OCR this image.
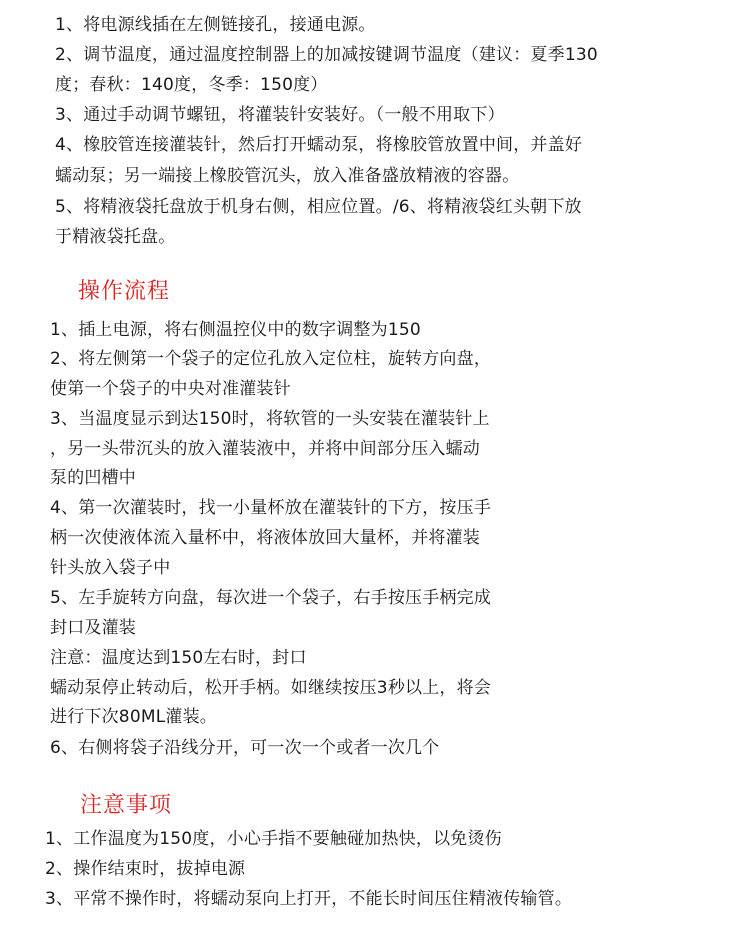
1、将电源线插在左侧链接孔，接通电源。
2、调节温度，通过温度控制器上的加减按键调节温度（建议：夏季130
度；春秋：140度，冬季：150度）
3、通过手动调节螺钮，将灌装针安装好。（一般不用取下）
4、橡胶管连接灌装针，然后打开蠕动泵，将橡胶管放置中间，并盖好
蠕动泵；另一端接上橡胶管沉头，放入准备盛放精液的容器。
5、将精液袋托盘放于机身右侧，相应位置。/6、将精液袋红头朝下放
于精液袋托盘。
操作流程
1、插上电源，将右侧温控仪中的数字调整为150
2、将左侧第一个袋子的定位孔放入定位柱，旋转方向盘，
使第一个袋子的中央对准灌装针
3、当温度显示到达150时，将软管的一头安装在灌装针上
，另一头带沉头的放入灌装液中，并将中间部分压入蠕动
泵的凹槽中
4、第一次灌装时，找一小量杯放在灌装针的下方，按压手
柄一次使液体流入量杯中，将液体放回大量杯，并将灌装
针头放入袋子中
5、左手旋转方向盘，每次进一个袋子，右手按压手柄完成
封口及灌装
注意：温度达到150左右时，封口
蠕动泵停止转动后，松开手柄。如继续按压3秒以上，将会
进行下次80ML灌装。
6、右侧将袋子沿线分开，可一次一个或者一次几个
注意事项
1、工作温度为150度，小心手指不要触碰加热快，以免烫伤
2、操作结束时，拔掉电源
3、平常不操作时，将蠕动泵向上打开，不能长时间压住精液传输管。
